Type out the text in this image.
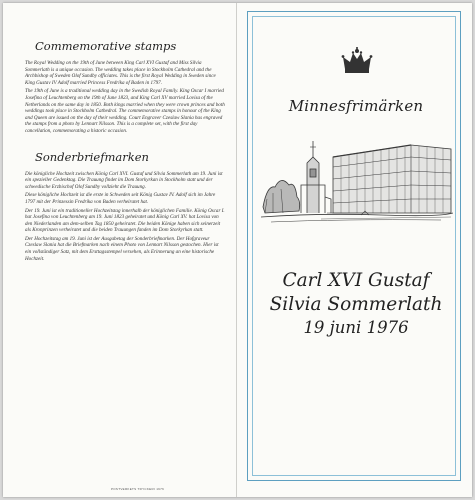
Commemorative stamps

The Royal Wedding on the 19th of June between King Carl XVI Gustaf and Miss Silvia Sommerlath is a unique occasion. The wedding takes place in Stockholm Cathedral and the Archbishop of Sweden Olof Sundby officiates. This is the first Royal Wedding in Sweden since King Gustav IV Adolf married Princess Fredrika of Baden in 1797.

The 19th of June is a traditional wedding day in the Swedish Royal Family. King Oscar I married Josefina of Leuchtenberg on the 19th of June 1823, and King Carl XV married Lovisa of the Netherlands on the same day in 1850. Both kings married when they were crown princes and both weddings took place in Stockholm Cathedral. The commemorative stamps in honour of the King and Queen are issued on the day of their wedding. Court Engraver Czeslaw Slania has engraved the stamps from a photo by Lennart Nilsson. This is a complete set, with the first day cancellation, commemorating a historic occasion.

Sonderbriefmarken

Die königliche Hochzeit zwischen König Carl XVI. Gustaf und Silvia Sommerlath am 19. Juni ist ein spezieller Gedenktag. Die Trauung findet im Dom Storkyrkan in Stockholm statt und der schwedische Erzbischof Olof Sundby vollzieht die Trauung.

Diese königliche Hochzeit ist die erste in Schweden seit König Gustav IV. Adolf sich im Jahre 1797 mit der Prinzessin Fredrika von Baden verheiratet hat.

Der 19. Juni ist ein traditioneller Hochzeitstag innerhalb der königlichen Familie. König Oscar I. hat Josefina von Leuchtenberg am 19. Juni 1823 geheiratet und König Carl XV. hat Lovisa von den Niederlanden am dem-selben Tag 1850 geheiratet. Die beiden Könige haben sich seinerzeit als Kronprinzen verheiratet und die beiden Trauungen fanden im Dom Storkyrkan statt.

Der Hochzeitstag am 19. Juni ist der Ausgabetag der Sonderbriefmarken. Der Hofgraveur Czeslaw Slania hat die Briefmarken nach einem Photo von Lennart Nilsson gestochen. Hier ist ein vollständiger Satz, mit dem Ersttagsstempel versehen, als Erinnerung an eine historische Hochzeit.

POSTVERKETS TRYCKERI 1976
Minnesfrimärken
Carl XVI Gustaf
Silvia Sommerlath
19 juni 1976
